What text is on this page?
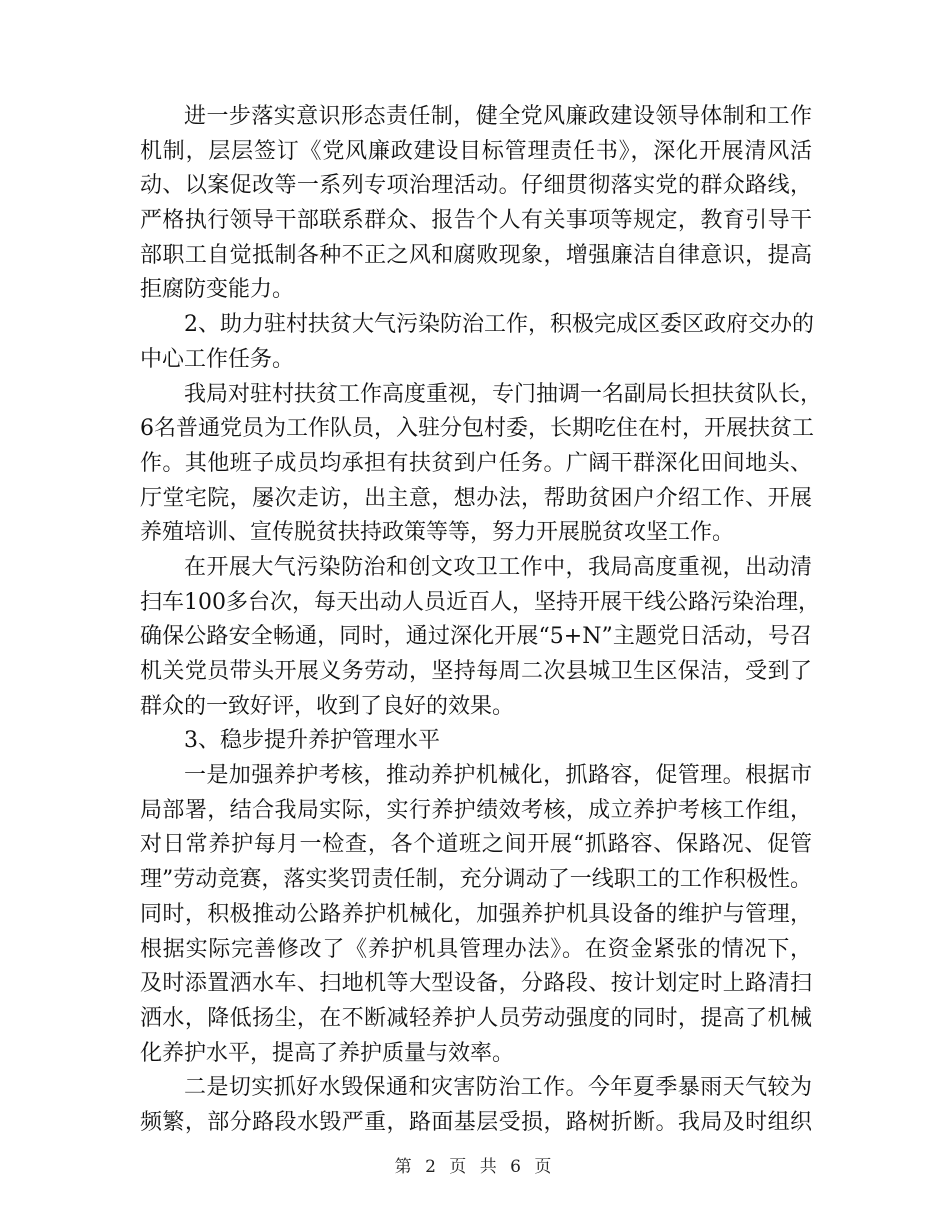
进一步落实意识形态责任制，健全党风廉政建设领导体制和工作
机制，层层签订《党风廉政建设目标管理责任书》，深化开展清风活
动、以案促改等一系列专项治理活动。仔细贯彻落实党的群众路线，
严格执行领导干部联系群众、报告个人有关事项等规定，教育引导干
部职工自觉抵制各种不正之风和腐败现象，增强廉洁自律意识，提高
拒腐防变能力。
2、助力驻村扶贫大气污染防治工作，积极完成区委区政府交办的
中心工作任务。
我局对驻村扶贫工作高度重视，专门抽调一名副局长担扶贫队长，
6名普通党员为工作队员，入驻分包村委，长期吃住在村，开展扶贫工
作。其他班子成员均承担有扶贫到户任务。广阔干群深化田间地头、
厅堂宅院，屡次走访，出主意，想办法，帮助贫困户介绍工作、开展
养殖培训、宣传脱贫扶持政策等等，努力开展脱贫攻坚工作。
在开展大气污染防治和创文攻卫工作中，我局高度重视，出动清
扫车100多台次，每天出动人员近百人，坚持开展干线公路污染治理，
确保公路安全畅通，同时，通过深化开展“5+N”主题党日活动，号召
机关党员带头开展义务劳动，坚持每周二次县城卫生区保洁，受到了
群众的一致好评，收到了良好的效果。
3、稳步提升养护管理水平
一是加强养护考核，推动养护机械化，抓路容，促管理。根据市
局部署，结合我局实际，实行养护绩效考核，成立养护考核工作组，
对日常养护每月一检查，各个道班之间开展“抓路容、保路况、促管
理”劳动竞赛，落实奖罚责任制，充分调动了一线职工的工作积极性。
同时，积极推动公路养护机械化，加强养护机具设备的维护与管理，
根据实际完善修改了《养护机具管理办法》。在资金紧张的情况下，
及时添置洒水车、扫地机等大型设备，分路段、按计划定时上路清扫
洒水，降低扬尘，在不断减轻养护人员劳动强度的同时，提高了机械
化养护水平，提高了养护质量与效率。
二是切实抓好水毁保通和灾害防治工作。今年夏季暴雨天气较为
频繁，部分路段水毁严重，路面基层受损，路树折断。我局及时组织
第 2 页 共 6 页
